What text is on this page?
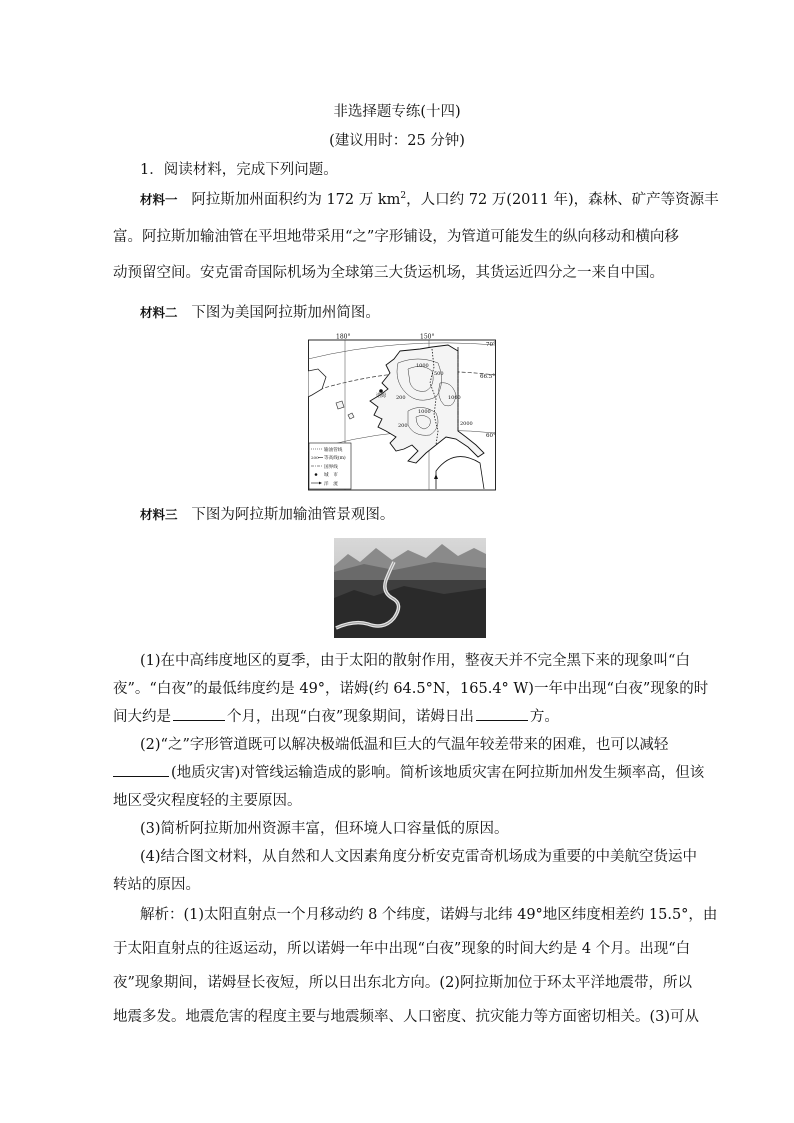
非选择题专练(十四)
(建议用时：25 分钟)
1．阅读材料，完成下列问题。
材料一 阿拉斯加州面积约为 172 万 $km^2$，人口约 72 万(2011 年)，森林、矿产等资源丰
富。阿拉斯加输油管在平坦地带采用“之”字形铺设，为管道可能发生的纵向移动和横向移
动预留空间。安克雷奇国际机场为全球第三大货运机场，其货运近四分之一来自中国。
材料二 下图为美国阿拉斯加州简图。
诺姆
180°	150°
70°
66.5°
60°
1000
1000
1000
500
200
200	2000
输油管线
200 等高线(m)
国界线
城　市
洋　流
材料三 下图为阿拉斯加输油管景观图。
(1)在中高纬度地区的夏季，由于太阳的散射作用，整夜天并不完全黑下来的现象叫“白
夜”。“白夜”的最低纬度约是 49°，诺姆(约 64.5°N，165.4° W)一年中出现“白夜”现象的时
间大约是	个月，出现“白夜”现象期间，诺姆日出	方。
(2)“之”字形管道既可以解决极端低温和巨大的气温年较差带来的困难，也可以减轻
(地质灾害)对管线运输造成的影响。简析该地质灾害在阿拉斯加州发生频率高，但该
地区受灾程度轻的主要原因。
(3)简析阿拉斯加州资源丰富，但环境人口容量低的原因。
(4)结合图文材料，从自然和人文因素角度分析安克雷奇机场成为重要的中美航空货运中
转站的原因。
解析：(1)太阳直射点一个月移动约 8 个纬度，诺姆与北纬 49°地区纬度相差约 15.5°，由
于太阳直射点的往返运动，所以诺姆一年中出现“白夜”现象的时间大约是 4 个月。出现“白
夜”现象期间，诺姆昼长夜短，所以日出东北方向。(2)阿拉斯加位于环太平洋地震带，所以
地震多发。地震危害的程度主要与地震频率、人口密度、抗灾能力等方面密切相关。(3)可从
